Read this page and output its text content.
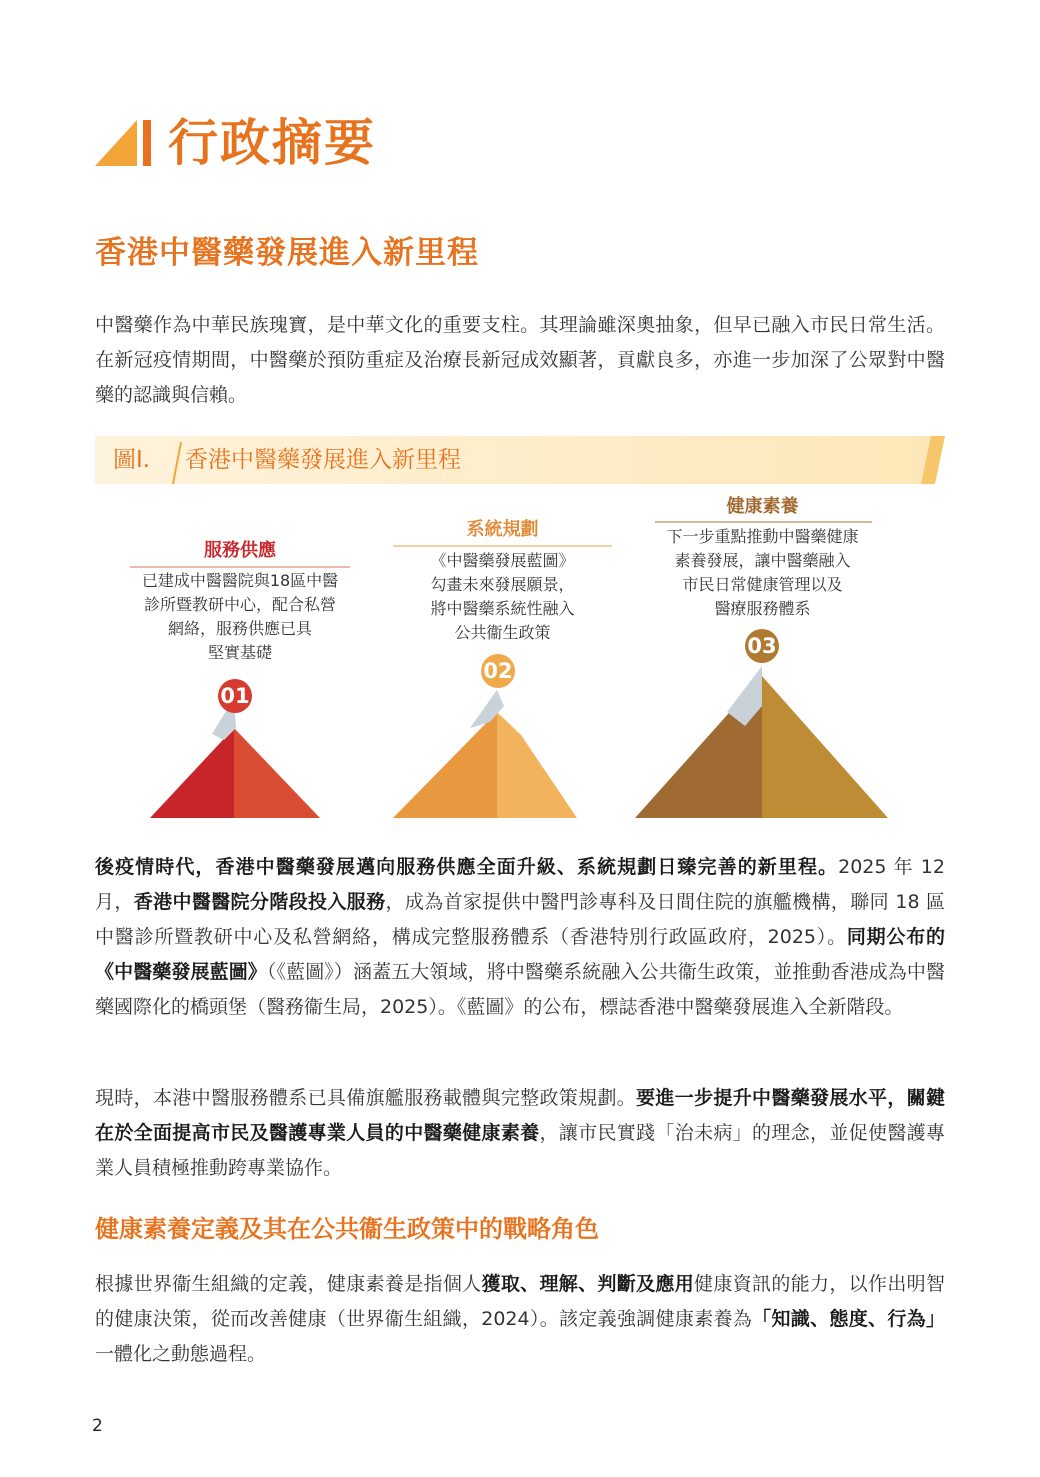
行政摘要
香港中醫藥發展進入新里程
中醫藥作為中華民族瑰寶，是中華文化的重要支柱。其理論雖深奧抽象，但早已融入市民日常生活。在新冠疫情期間，中醫藥於預防重症及治療長新冠成效顯著，貢獻良多，亦進一步加深了公眾對中醫藥的認識與信賴。
圖I. 香港中醫藥發展進入新里程
服務供應
已建成中醫醫院與18區中醫
診所暨教研中心，配合私營
網絡，服務供應已具
堅實基礎
01
系統規劃
《中醫藥發展藍圖》
勾畫未來發展願景，
將中醫藥系統性融入
公共衞生政策
02
健康素養
下一步重點推動中醫藥健康
素養發展，讓中醫藥融入
市民日常健康管理以及
醫療服務體系
03
後疫情時代，香港中醫藥發展邁向服務供應全面升級、系統規劃日臻完善的新里程。2025 年 12 月，香港中醫醫院分階段投入服務，成為首家提供中醫門診專科及日間住院的旗艦機構，聯同 18 區中醫診所暨教研中心及私營網絡，構成完整服務體系（香港特別行政區政府，2025）。同期公布的《中醫藥發展藍圖》（《藍圖》）涵蓋五大領域，將中醫藥系統融入公共衞生政策，並推動香港成為中醫藥國際化的橋頭堡（醫務衞生局，2025）。《藍圖》的公布，標誌香港中醫藥發展進入全新階段。
現時，本港中醫服務體系已具備旗艦服務載體與完整政策規劃。要進一步提升中醫藥發展水平，關鍵在於全面提高市民及醫護專業人員的中醫藥健康素養，讓市民實踐「治未病」的理念，並促使醫護專業人員積極推動跨專業協作。
健康素養定義及其在公共衞生政策中的戰略角色
根據世界衞生組織的定義，健康素養是指個人獲取、理解、判斷及應用健康資訊的能力，以作出明智的健康決策，從而改善健康（世界衞生組織，2024）。該定義強調健康素養為「知識、態度、行為」一體化之動態過程。
2
